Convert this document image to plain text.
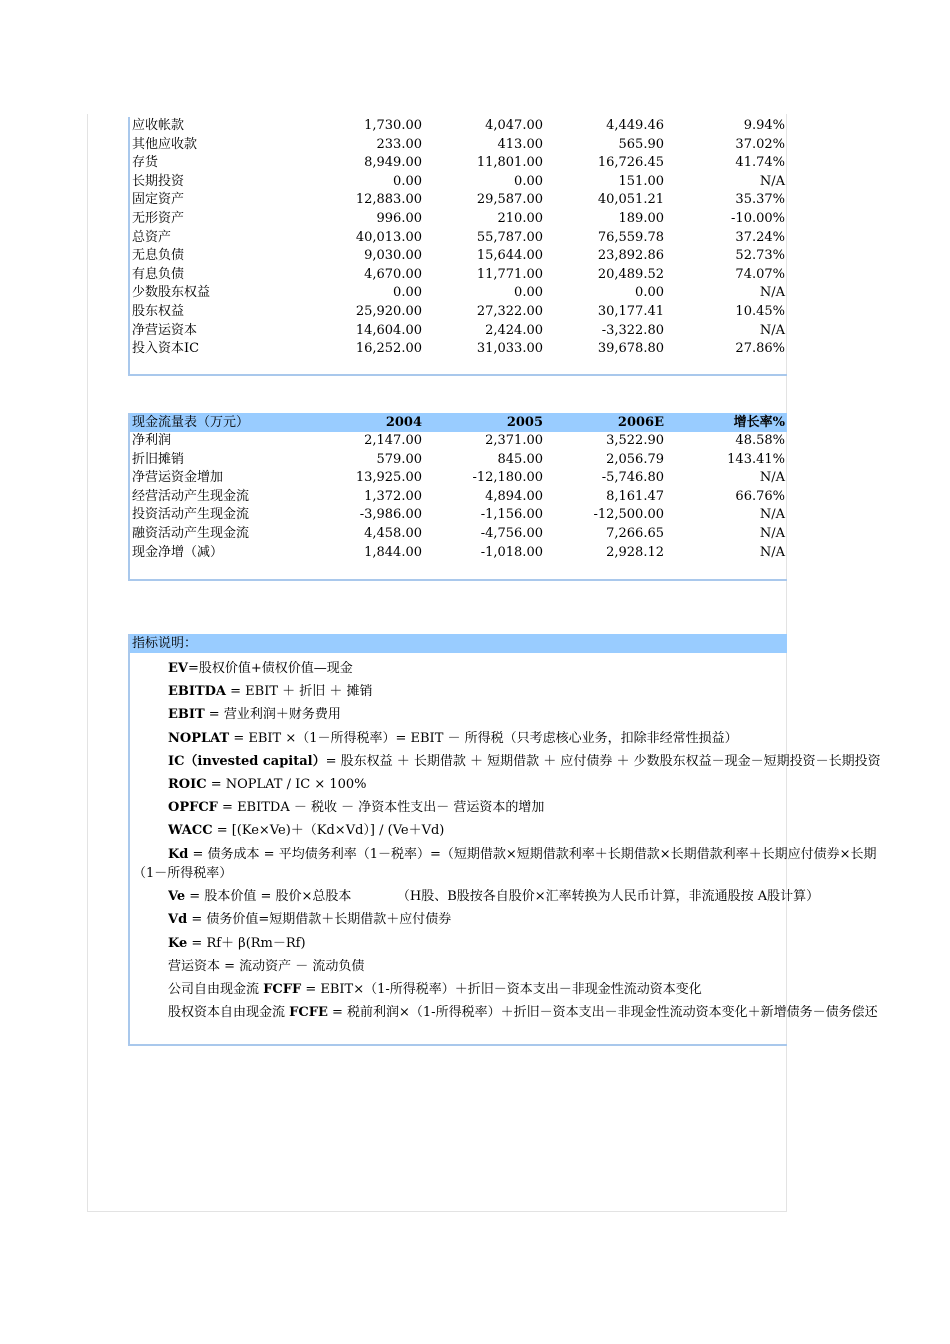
应收帐款	1,730.00	4,047.00	4,449.46	9.94%
其他应收款	233.00	413.00	565.90	37.02%
存货	8,949.00	11,801.00	16,726.45	41.74%
长期投资	0.00	0.00	151.00	N/A
固定资产	12,883.00	29,587.00	40,051.21	35.37%
无形资产	996.00	210.00	189.00	-10.00%
总资产	40,013.00	55,787.00	76,559.78	37.24%
无息负债	9,030.00	15,644.00	23,892.86	52.73%
有息负债	4,670.00	11,771.00	20,489.52	74.07%
少数股东权益	0.00	0.00	0.00	N/A
股东权益	25,920.00	27,322.00	30,177.41	10.45%
净营运资本	14,604.00	2,424.00	-3,322.80	N/A
投入资本IC	16,252.00	31,033.00	39,678.80	27.86%
现金流量表（万元）	2004	2005	2006E	增长率%
净利润	2,147.00	2,371.00	3,522.90	48.58%
折旧摊销	579.00	845.00	2,056.79	143.41%
净营运资金增加	13,925.00	-12,180.00	-5,746.80	N/A
经营活动产生现金流	1,372.00	4,894.00	8,161.47	66.76%
投资活动产生现金流	-3,986.00	-1,156.00	-12,500.00	N/A
融资活动产生现金流	4,458.00	-4,756.00	7,266.65	N/A
现金净增（减）	1,844.00	-1,018.00	2,928.12	N/A
指标说明：
EV=股权价值+债权价值—现金
EBITDA = EBIT ＋ 折旧 ＋ 摊销
EBIT = 营业利润＋财务费用
NOPLAT = EBIT ×（1－所得税率）= EBIT － 所得税（只考虑核心业务，扣除非经常性损益）
IC（invested capital）= 股东权益 ＋ 长期借款 ＋ 短期借款 ＋ 应付债券 ＋ 少数股东权益－现金－短期投资－长期投资
ROIC = NOPLAT / IC × 100%
OPFCF = EBITDA － 税收 － 净资本性支出－ 营运资本的增加
WACC = [(Ke×Ve)＋（Kd×Vd）] / (Ve＋Vd)
Kd = 债务成本 = 平均债务利率（1－税率）=（短期借款×短期借款利率＋长期借款×长期借款利率＋长期应付债券×长期
（1－所得税率）
Ve = 股本价值 = 股价×总股本　　　　（H股、B股按各自股价×汇率转换为人民币计算，非流通股按 A股计算）
Vd = 债务价值=短期借款＋长期借款＋应付债券
Ke = Rf＋ β(Rm－Rf)
营运资本 = 流动资产 － 流动负债
公司自由现金流 FCFF = EBIT×（1-所得税率）＋折旧－资本支出－非现金性流动资本变化
股权资本自由现金流 FCFE = 税前利润×（1-所得税率）＋折旧－资本支出－非现金性流动资本变化＋新增债务－债务偿还
